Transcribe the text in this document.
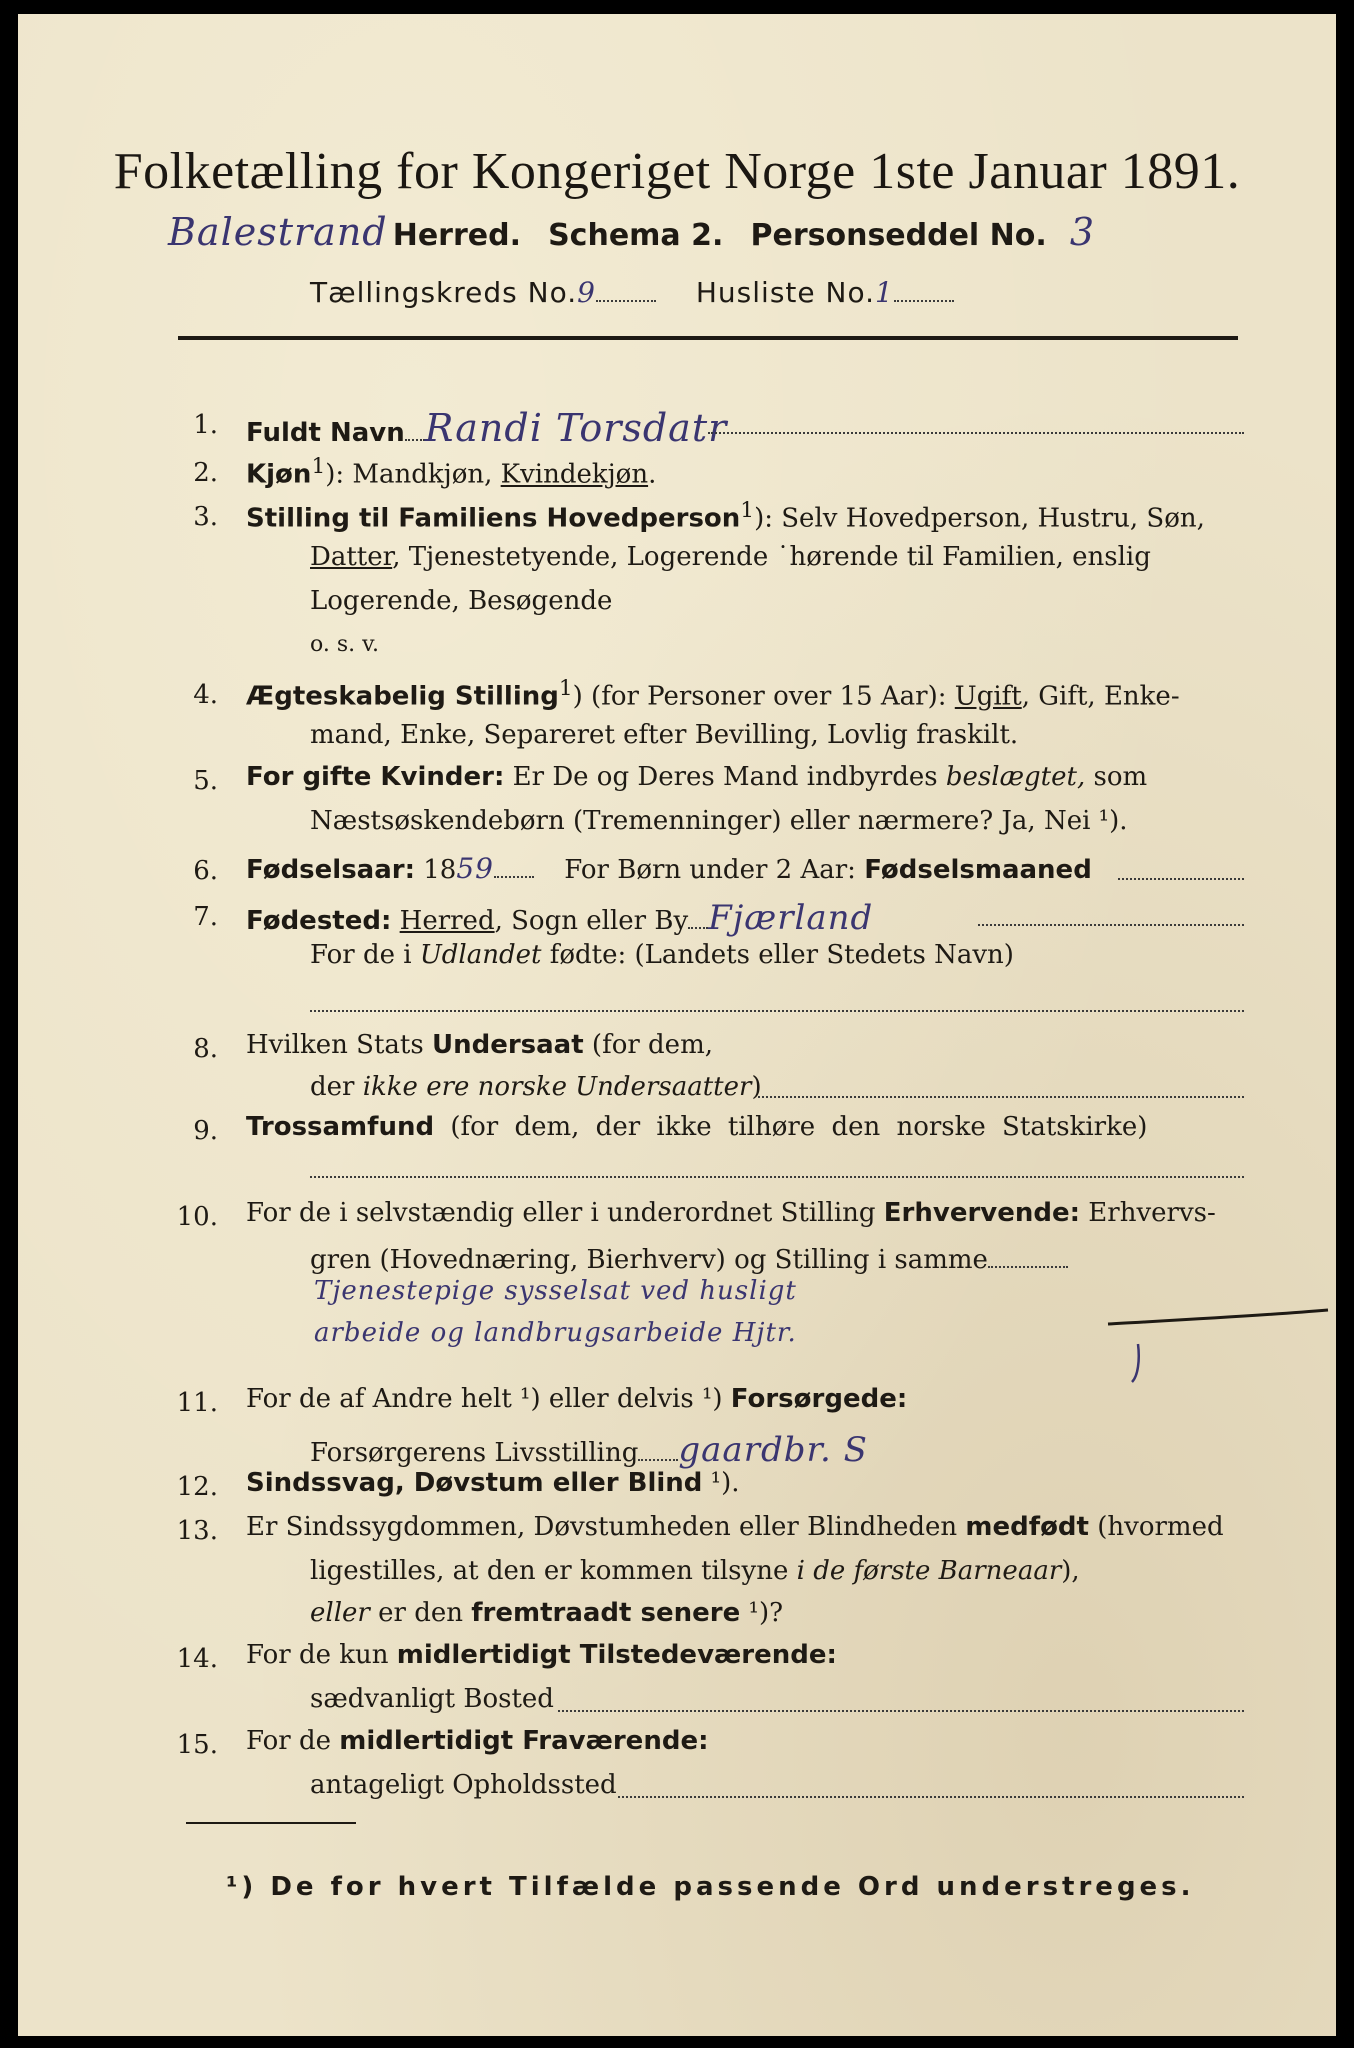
Folketælling for Kongeriget Norge 1ste Januar 1891.
Balestrand Herred. Schema 2. Personseddel No. 3
Tællingskreds No.9	Husliste No.1
1. Fuldt Navn Randi Torsdatr
2. Kjøn$^1$): Mandkjøn, Kvindekjøn.
3. Stilling til Familiens Hovedperson$^1$): Selv Hovedperson, Hustru, Søn,
Datter, Tjenestetyende, Logerende ˙hørende til Familien, enslig
Logerende, Besøgende
o. s. v.
4. Ægteskabelig Stilling$^1$) (for Personer over 15 Aar): Ugift, Gift, Enke-
mand, Enke, Separeret efter Bevilling, Lovlig fraskilt.
5. For gifte Kvinder: Er De og Deres Mand indbyrdes beslægtet, som
Næstsøskendebørn (Tremenninger) eller nærmere? Ja, Nei ¹).
6. Fødselsaar: 1859	For Børn under 2 Aar: Fødselsmaaned
7. Fødested: Herred, Sogn eller By Fjærland
For de i Udlandet fødte: (Landets eller Stedets Navn)
8. Hvilken Stats Undersaat (for dem,
der ikke ere norske Undersaatter)
9. Trossamfund (for dem, der ikke tilhøre den norske Statskirke)
10. For de i selvstændig eller i underordnet Stilling Erhvervende: Erhvervs-
gren (Hovednæring, Bierhverv) og Stilling i samme
Tjenestepige sysselsat ved husligt
arbeide og landbrugsarbeide Hjtr.
11. For de af Andre helt ¹) eller delvis ¹) Forsørgede:
Forsørgerens Livsstilling gaardbr. S
12. Sindssvag, Døvstum eller Blind ¹).
13. Er Sindssygdommen, Døvstumheden eller Blindheden medfødt (hvormed
ligestilles, at den er kommen tilsyne i de første Barneaar),
eller er den fremtraadt senere ¹)?
14. For de kun midlertidigt Tilstedeværende:
sædvanligt Bosted
15. For de midlertidigt Fraværende:
antageligt Opholdssted
¹) De for hvert Tilfælde passende Ord understreges.
